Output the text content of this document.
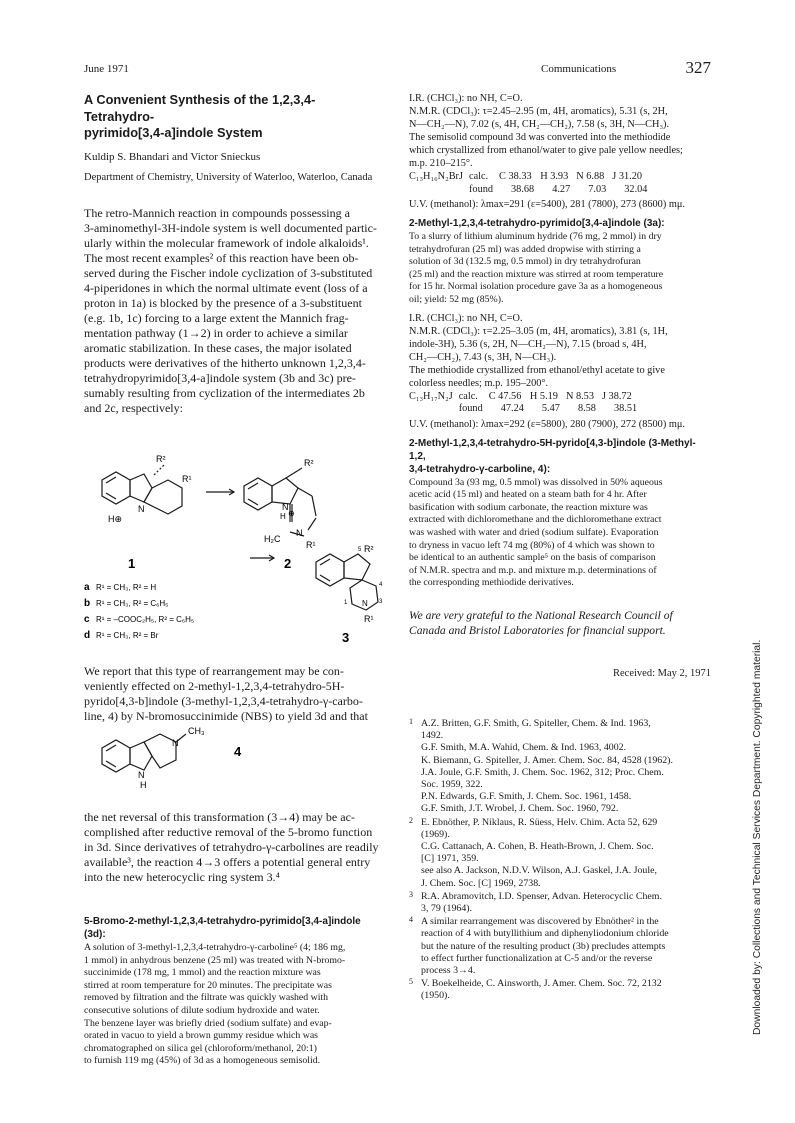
June 1971	Communications	327
A Convenient Synthesis of the 1,2,3,4-Tetrahydro-
pyrimido[3,4-a]indole System
Kuldip S. Bhandari and Victor Snieckus
Department of Chemistry, University of Waterloo, Waterloo, Canada
The retro-Mannich reaction in compounds possessing a
3-aminomethyl-3H-indole system is well documented partic-
ularly within the molecular framework of indole alkaloids¹.
The most recent examples² of this reaction have been ob-
served during the Fischer indole cyclization of 3-substituted
4-piperidones in which the normal ultimate event (loss of a
proton in 1a) is blocked by the presence of a 3-substituent
(e.g. 1b, 1c) forcing to a large extent the Mannich frag-
mentation pathway (1→2) in order to achieve a similar
aromatic stabilization. In these cases, the major isolated
products were derivatives of the hitherto unknown 1,2,3,4-
tetrahydropyrimido[3,4-a]indole system (3b and 3c) pre-
sumably resulting from cyclization of the intermediates 2b
and 2c, respectively:
R²
R¹
N
H⊕
1
R²
N
H ⊕
H₂C
N
R¹
2
R²
5
4
3
N
1
R¹
3
a R¹ = CH₃, R² = H
b R¹ = CH₃, R² = C₆H₅
c R¹ = –COOC₂H₅, R² = C₆H₅
d R¹ = CH₃, R² = Br
We report that this type of rearrangement may be con-
veniently effected on 2-methyl-1,2,3,4-tetrahydro-5H-
pyrido[4,3-b]indole (3-methyl-1,2,3,4-tetrahydro-γ-carbo-
line, 4) by N-bromosuccinimide (NBS) to yield 3d and that
CH₃
N
N
H
4
the net reversal of this transformation (3→4) may be ac-
complished after reductive removal of the 5-bromo function
in 3d. Since derivatives of tetrahydro-γ-carbolines are readily
available³, the reaction 4→3 offers a potential general entry
into the new heterocyclic ring system 3.⁴
5-Bromo-2-methyl-1,2,3,4-tetrahydro-pyrimido[3,4-a]indole (3d):
A solution of 3-methyl-1,2,3,4-tetrahydro-γ-carboline⁵ (4; 186 mg,
1 mmol) in anhydrous benzene (25 ml) was treated with N-bromo-
succinimide (178 mg, 1 mmol) and the reaction mixture was
stirred at room temperature for 20 minutes. The precipitate was
removed by filtration and the filtrate was quickly washed with
consecutive solutions of dilute sodium hydroxide and water.
The benzene layer was briefly dried (sodium sulfate) and evap-
orated in vacuo to yield a brown gummy residue which was
chromatographed on silica gel (chloroform/methanol, 20:1)
to furnish 119 mg (45%) of 3d as a homogeneous semisolid.
I.R. (CHCl₃): no NH, C=O.
N.M.R. (CDCl₃): τ=2.45–2.95 (m, 4H, aromatics), 5.31 (s, 2H,
N—CH₂—N), 7.02 (s, 4H, CH₂—CH₂), 7.58 (s, 3H, N—CH₃).
The semisolid compound 3d was converted into the methiodide
which crystallized from ethanol/water to give pale yellow needles;
m.p. 210–215°.
C₁₃H₁₆N₂BrJ	calc.	C 38.33	H 3.93	N 6.88	J 31.20
	found	38.68	4.27	7.03	32.04
U.V. (methanol): λmax=291 (ε=5400), 281 (7800), 273 (8600) mμ.
2-Methyl-1,2,3,4-tetrahydro-pyrimido[3,4-a]indole (3a):
To a slurry of lithium aluminum hydride (76 mg, 2 mmol) in dry
tetrahydrofuran (25 ml) was added dropwise with stirring a
solution of 3d (132.5 mg, 0.5 mmol) in dry tetrahydrofuran
(25 ml) and the reaction mixture was stirred at room temperature
for 15 hr. Normal isolation procedure gave 3a as a homogeneous
oil; yield: 52 mg (85%).
I.R. (CHCl₃): no NH, C=O.
N.M.R. (CDCl₃): τ=2.25–3.05 (m, 4H, aromatics), 3.81 (s, 1H,
indole-3H), 5.36 (s, 2H, N—CH₂—N), 7.15 (broad s, 4H,
CH₂—CH₂), 7.43 (s, 3H, N—CH₃).
The methiodide crystallized from ethanol/ethyl acetate to give
colorless needles; m.p. 195–200°.
C₁₃H₁₇N₂J	calc.	C 47.56	H 5.19	N 8.53	J 38.72
	found	47.24	5.47	8.58	38.51
U.V. (methanol): λmax=292 (ε=5800), 280 (7900), 272 (8500) mμ.
2-Methyl-1,2,3,4-tetrahydro-5H-pyrido[4,3-b]indole (3-Methyl-1,2,
3,4-tetrahydro-γ-carboline, 4):
Compound 3a (93 mg, 0.5 mmol) was dissolved in 50% aqueous
acetic acid (15 ml) and heated on a steam bath for 4 hr. After
basification with sodium carbonate, the reaction mixture was
extracted with dichloromethane and the dichloromethane extract
was washed with water and dried (sodium sulfate). Evaporation
to dryness in vacuo left 74 mg (80%) of 4 which was shown to
be identical to an authentic sample⁵ on the basis of comparison
of N.M.R. spectra and m.p. and mixture m.p. determinations of
the corresponding methiodide derivatives.
We are very grateful to the National Research Council of
Canada and Bristol Laboratories for financial support.
Received: May 2, 1971
1 A.Z. Britten, G.F. Smith, G. Spiteller, Chem. & Ind. 1963,
1492.
G.F. Smith, M.A. Wahid, Chem. & Ind. 1963, 4002.
K. Biemann, G. Spiteller, J. Amer. Chem. Soc. 84, 4528 (1962).
J.A. Joule, G.F. Smith, J. Chem. Soc. 1962, 312; Proc. Chem.
Soc. 1959, 322.
P.N. Edwards, G.F. Smith, J. Chem. Soc. 1961, 1458.
G.F. Smith, J.T. Wrobel, J. Chem. Soc. 1960, 792.
2 E. Ebnöther, P. Niklaus, R. Süess, Helv. Chim. Acta 52, 629
(1969).
C.G. Cattanach, A. Cohen, B. Heath-Brown, J. Chem. Soc.
[C] 1971, 359.
see also A. Jackson, N.D.V. Wilson, A.J. Gaskel, J.A. Joule,
J. Chem. Soc. [C] 1969, 2738.
3 R.A. Abramovitch, I.D. Spenser, Advan. Heterocyclic Chem.
3, 79 (1964).
4 A similar rearrangement was discovered by Ebnöther² in the
reaction of 4 with butyllithium and diphenyliodonium chloride
but the nature of the resulting product (3b) precludes attempts
to effect further functionalization at C-5 and/or the reverse
process 3→4.
5 V. Boekelheide, C. Ainsworth, J. Amer. Chem. Soc. 72, 2132
(1950).	Downloaded by: Collections and Technical Services Department. Copyrighted material.
